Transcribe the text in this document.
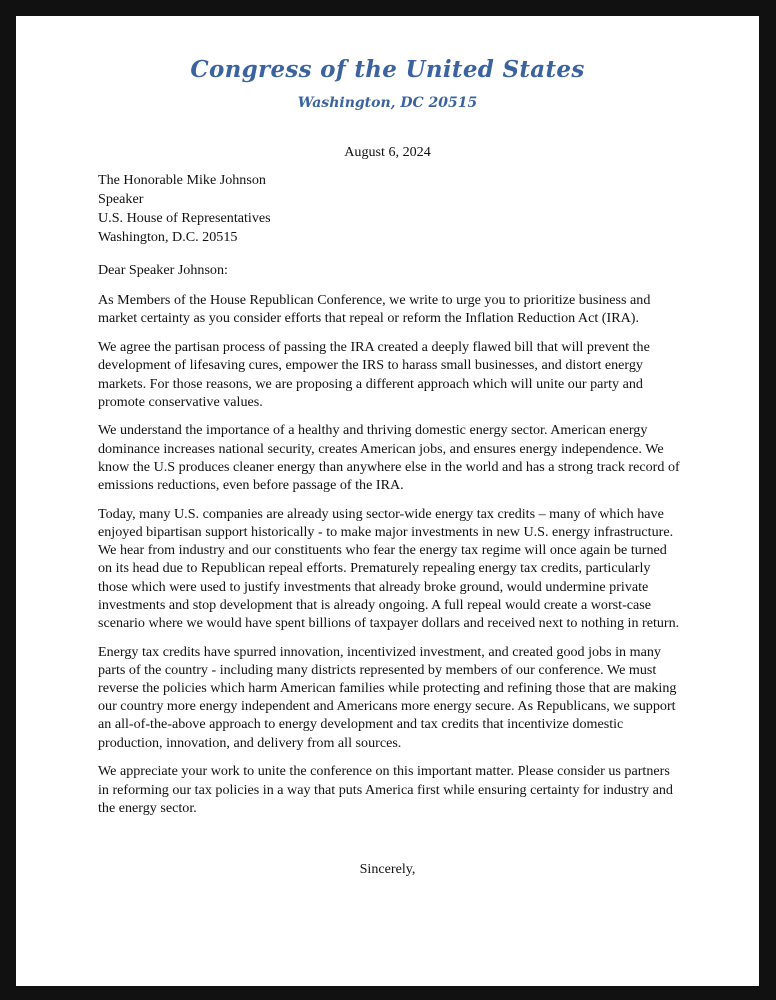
Congress of the United States
Washington, DC 20515
August 6, 2024
The Honorable Mike Johnson
Speaker
U.S. House of Representatives
Washington, D.C. 20515

Dear Speaker Johnson:

As Members of the House Republican Conference, we write to urge you to prioritize business and market certainty as you consider efforts that repeal or reform the Inflation Reduction Act (IRA).

We agree the partisan process of passing the IRA created a deeply flawed bill that will prevent the development of lifesaving cures, empower the IRS to harass small businesses, and distort energy markets. For those reasons, we are proposing a different approach which will unite our party and promote conservative values.

We understand the importance of a healthy and thriving domestic energy sector. American energy dominance increases national security, creates American jobs, and ensures energy independence. We know the U.S produces cleaner energy than anywhere else in the world and has a strong track record of emissions reductions, even before passage of the IRA.

Today, many U.S. companies are already using sector-wide energy tax credits – many of which have enjoyed bipartisan support historically - to make major investments in new U.S. energy infrastructure. We hear from industry and our constituents who fear the energy tax regime will once again be turned on its head due to Republican repeal efforts. Prematurely repealing energy tax credits, particularly those which were used to justify investments that already broke ground, would undermine private investments and stop development that is already ongoing. A full repeal would create a worst-case scenario where we would have spent billions of taxpayer dollars and received next to nothing in return.

Energy tax credits have spurred innovation, incentivized investment, and created good jobs in many parts of the country - including many districts represented by members of our conference. We must reverse the policies which harm American families while protecting and refining those that are making our country more energy independent and Americans more energy secure. As Republicans, we support an all-of-the-above approach to energy development and tax credits that incentivize domestic production, innovation, and delivery from all sources.

We appreciate your work to unite the conference on this important matter. Please consider us partners in reforming our tax policies in a way that puts America first while ensuring certainty for industry and the energy sector.

Sincerely,
